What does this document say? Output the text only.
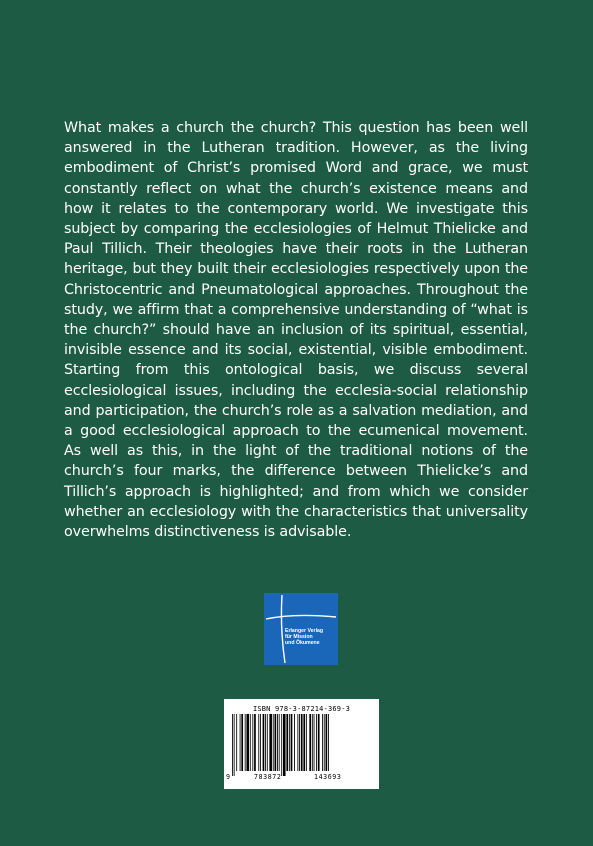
What makes a church the church? This question has been well answered in the Lutheran tradition. However, as the living embodiment of Christ’s promised Word and grace, we must constantly reflect on what the church’s existence means and how it relates to the contemporary world. We investigate this subject by comparing the ecclesiologies of Helmut Thielicke and Paul Tillich. Their theologies have their roots in the Lutheran heritage, but they built their ecclesiologies respectively upon the Christocentric and Pneumatological approaches. Throughout the study, we affirm that a comprehensive understanding of “what is the church?” should have an inclusion of its spiritual, essential, invisible essence and its social, existential, visible embodiment. Starting from this ontological basis, we discuss several ecclesiological issues, including the ecclesia-social relationship and participation, the church’s role as a salvation mediation, and a good ecclesiological approach to the ecumenical movement. As well as this, in the light of the traditional notions of the church’s four marks, the difference between Thielicke’s and Tillich’s approach is highlighted; and from which we consider whether an ecclesiology with the characteristics that universality overwhelms distinctiveness is advisable.

Erlanger Verlag
für Mission
und Ökumene
ISBN 978-3-87214-369-3
9	783872	143693
